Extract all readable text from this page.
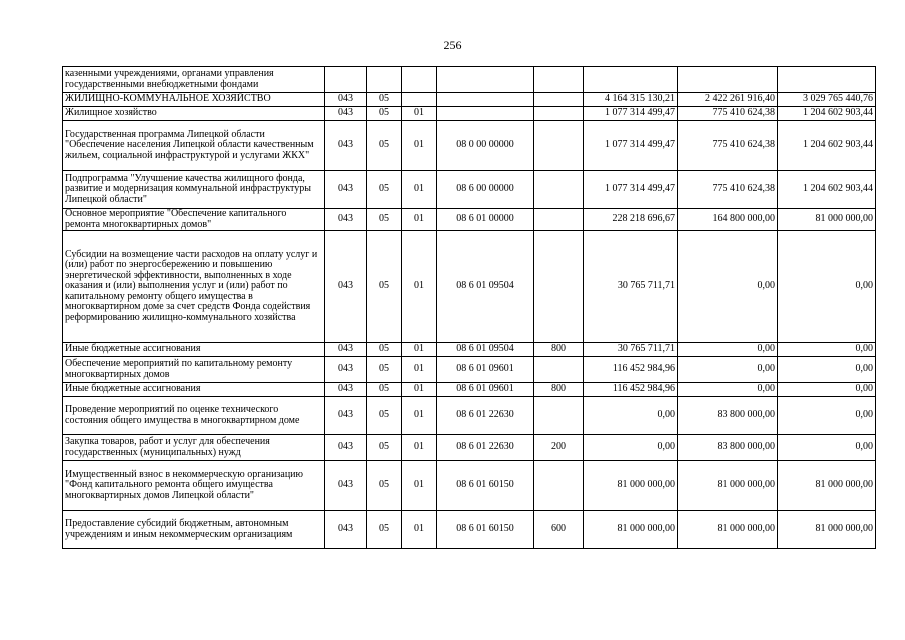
256
казенными учреждениями, органами управления государственными внебюджетными фондами								
ЖИЛИЩНО-КОММУНАЛЬНОЕ ХОЗЯЙСТВО	043	05				4 164 315 130,21	2 422 261 916,40	3 029 765 440,76
Жилищное хозяйство	043	05	01			1 077 314 499,47	775 410 624,38	1 204 602 903,44
Государственная программа Липецкой области "Обеспечение населения Липецкой области качественным жильем, социальной инфраструктурой и услугами ЖКХ"	043	05	01	08 0 00 00000		1 077 314 499,47	775 410 624,38	1 204 602 903,44
Подпрограмма "Улучшение качества жилищного фонда, развитие и модернизация коммунальной инфраструктуры Липецкой области"	043	05	01	08 6 00 00000		1 077 314 499,47	775 410 624,38	1 204 602 903,44
Основное мероприятие "Обеспечение капитального ремонта многоквартирных домов"	043	05	01	08 6 01 00000		228 218 696,67	164 800 000,00	81 000 000,00
Субсидии на возмещение части расходов на оплату услуг и (или) работ по энергосбережению и повышению энергетической эффективности, выполненных в ходе оказания и (или) выполнения услуг и (или) работ по капитальному ремонту общего имущества в многоквартирном доме за счет средств Фонда содействия реформированию жилищно-коммунального хозяйства	043	05	01	08 6 01 09504		30 765 711,71	0,00	0,00
Иные бюджетные ассигнования	043	05	01	08 6 01 09504	800	30 765 711,71	0,00	0,00
Обеспечение мероприятий по капитальному ремонту многоквартирных домов	043	05	01	08 6 01 09601		116 452 984,96	0,00	0,00
Иные бюджетные ассигнования	043	05	01	08 6 01 09601	800	116 452 984,96	0,00	0,00
Проведение мероприятий по оценке технического состояния общего имущества в многоквартирном доме	043	05	01	08 6 01 22630		0,00	83 800 000,00	0,00
Закупка товаров, работ и услуг для обеспечения государственных (муниципальных) нужд	043	05	01	08 6 01 22630	200	0,00	83 800 000,00	0,00
Имущественный взнос в некоммерческую организацию "Фонд капитального ремонта общего имущества многоквартирных домов Липецкой области"	043	05	01	08 6 01 60150		81 000 000,00	81 000 000,00	81 000 000,00
Предоставление субсидий бюджетным, автономным учреждениям и иным некоммерческим организациям	043	05	01	08 6 01 60150	600	81 000 000,00	81 000 000,00	81 000 000,00
